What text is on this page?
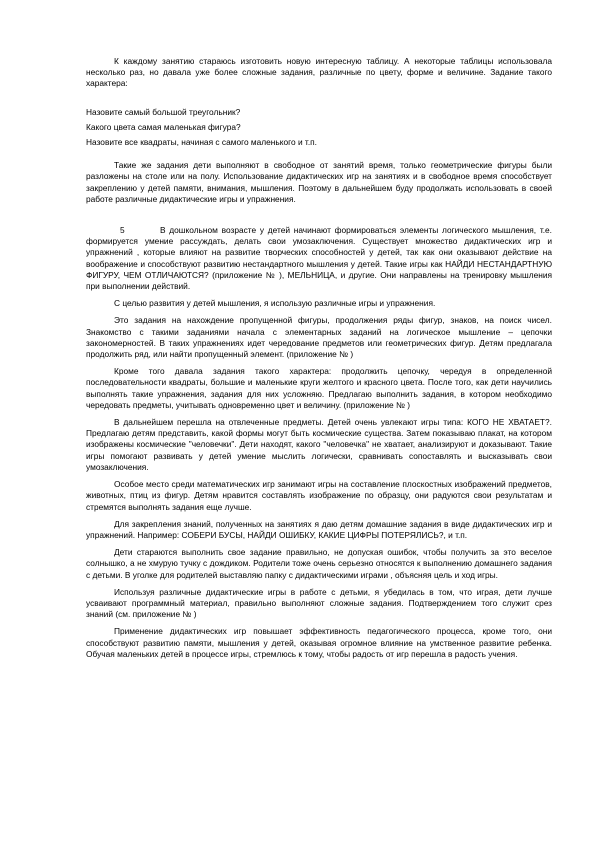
К каждому занятию стараюсь изготовить новую интересную таблицу. А некоторые таблицы использовала несколько раз, но давала уже более сложные задания, различные по цвету, форме и величине. Задание такого характера:

Назовите самый большой треугольник?

Какого цвета самая маленькая фигура?

Назовите все квадраты, начиная с самого маленького и т.п.

Такие же задания дети выполняют в свободное от занятий время, только геометрические фигуры были разложены на столе или на полу. Использование дидактических игр на занятиях и в свободное время способствует закреплению у детей памяти, внимания, мышления. Поэтому в дальнейшем буду продолжать использовать в своей работе различные дидактические игры и упражнения.

5	В дошкольном возрасте у детей начинают формироваться элементы логического мышления, т.е. формируется умение рассуждать, делать свои умозаключения. Существует множество дидактических игр и упражнений , которые влияют на развитие творческих способностей у детей, так как они оказывают действие на воображение и способствуют развитию нестандартного мышления у детей. Такие игры как НАЙДИ НЕСТАНДАРТНУЮ ФИГУРУ, ЧЕМ ОТЛИЧАЮТСЯ? (приложение № ), МЕЛЬНИЦА, и другие. Они направлены на тренировку мышления при выполнении действий.

С целью развития у детей мышления, я использую различные игры и упражнения.

Это задания на нахождение пропущенной фигуры, продолжения ряды фигур, знаков, на поиск чисел. Знакомство с такими заданиями начала с элементарных заданий на логическое мышление – цепочки закономерностей. В таких упражнениях идет чередование предметов или геометрических фигур. Детям предлагала продолжить ряд, или найти пропущенный элемент. (приложение № )

Кроме того давала задания такого характера: продолжить цепочку, чередуя в определенной последовательности квадраты, большие и маленькие круги желтого и красного цвета. После того, как дети научились выполнять такие упражнения, задания для них усложняю. Предлагаю выполнить задания, в котором необходимо чередовать предметы, учитывать одновременно цвет и величину. (приложение № )

В дальнейшем перешла на отвлеченные предметы. Детей очень увлекают игры типа: КОГО НЕ ХВАТАЕТ?. Предлагаю детям представить, какой формы могут быть космические существа. Затем показываю плакат, на котором изображены космические "человечки". Дети находят, какого "человечка" не хватает, анализируют и доказывают. Такие игры помогают развивать у детей умение мыслить логически, сравнивать сопоставлять и высказывать свои умозаключения.

Особое место среди математических игр занимают игры на составление плоскостных изображений предметов, животных, птиц из фигур. Детям нравится составлять изображение по образцу, они радуются свои результатам и стремятся выполнять задания еще лучше.

Для закрепления знаний, полученных на занятиях я даю детям домашние задания в виде дидактических игр и упражнений. Например: СОБЕРИ БУСЫ, НАЙДИ ОШИБКУ, КАКИЕ ЦИФРЫ ПОТЕРЯЛИСЬ?, и т.п.

Дети стараются выполнить свое задание правильно, не допуская ошибок, чтобы получить за это веселое солнышко, а не хмурую тучку с дождиком. Родители тоже очень серьезно относятся к выполнению домашнего задания с детьми. В уголке для родителей выставляю папку с дидактическими играми , объясняя цель и ход игры.

Используя различные дидактические игры в работе с детьми, я убедилась в том, что играя, дети лучше усваивают программный материал, правильно выполняют сложные задания. Подтверждением того служит срез знаний (см. приложение № )

Применение дидактических игр повышает эффективность педагогического процесса, кроме того, они способствуют развитию памяти, мышления у детей, оказывая огромное влияние на умственное развитие ребенка. Обучая маленьких детей в процессе игры, стремлюсь к тому, чтобы радость от игр перешла в радость учения.
